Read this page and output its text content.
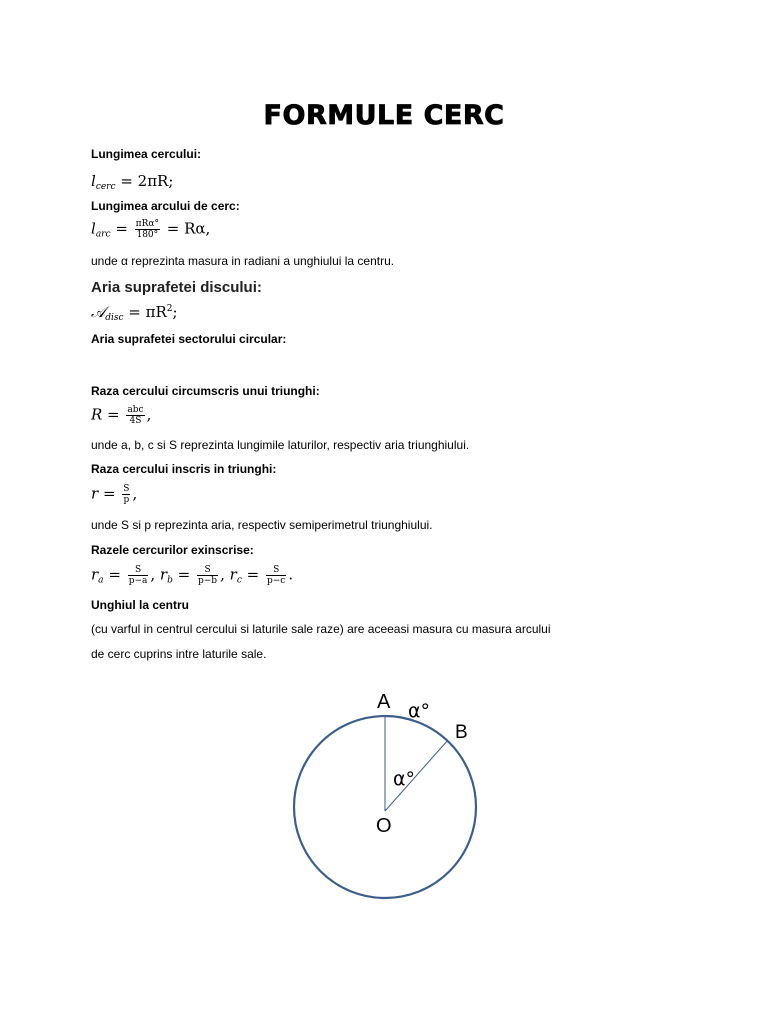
FORMULE CERC
Lungimea cercului:
$l_{cerc} = 2\pi R$;
Lungimea arcului de cerc:
$l_{arc} = \frac{\text{πRα°}}{180^\circ} = R\alpha$,
unde α reprezinta masura in radiani a unghiului la centru.
Aria suprafetei discului:
𝒜$_{disc}$ = $\pi R^2$;
Aria suprafetei sectorului circular:
Raza cercului circumscris unui triunghi:
$R = \frac{\text{abc}}{4S}$ ,
unde a, b, c si S reprezinta lungimile laturilor, respectiv aria triunghiului.
Raza cercului inscris in triunghi:
$r = \frac{S}{p}$ ,
unde S si p reprezinta aria, respectiv semiperimetrul triunghiului.
Razele cercurilor exinscrise:
$r_a = \frac{S}{p-a}$ , $r_b = \frac{S}{p-b}$ , $r_c = \frac{S}{p-c}$ .
Unghiul la centru
(cu varful in centrul cercului si laturile sale raze) are aceeasi masura cu masura arcului
de cerc cuprins intre laturile sale.
A
B
O
α°
α°
